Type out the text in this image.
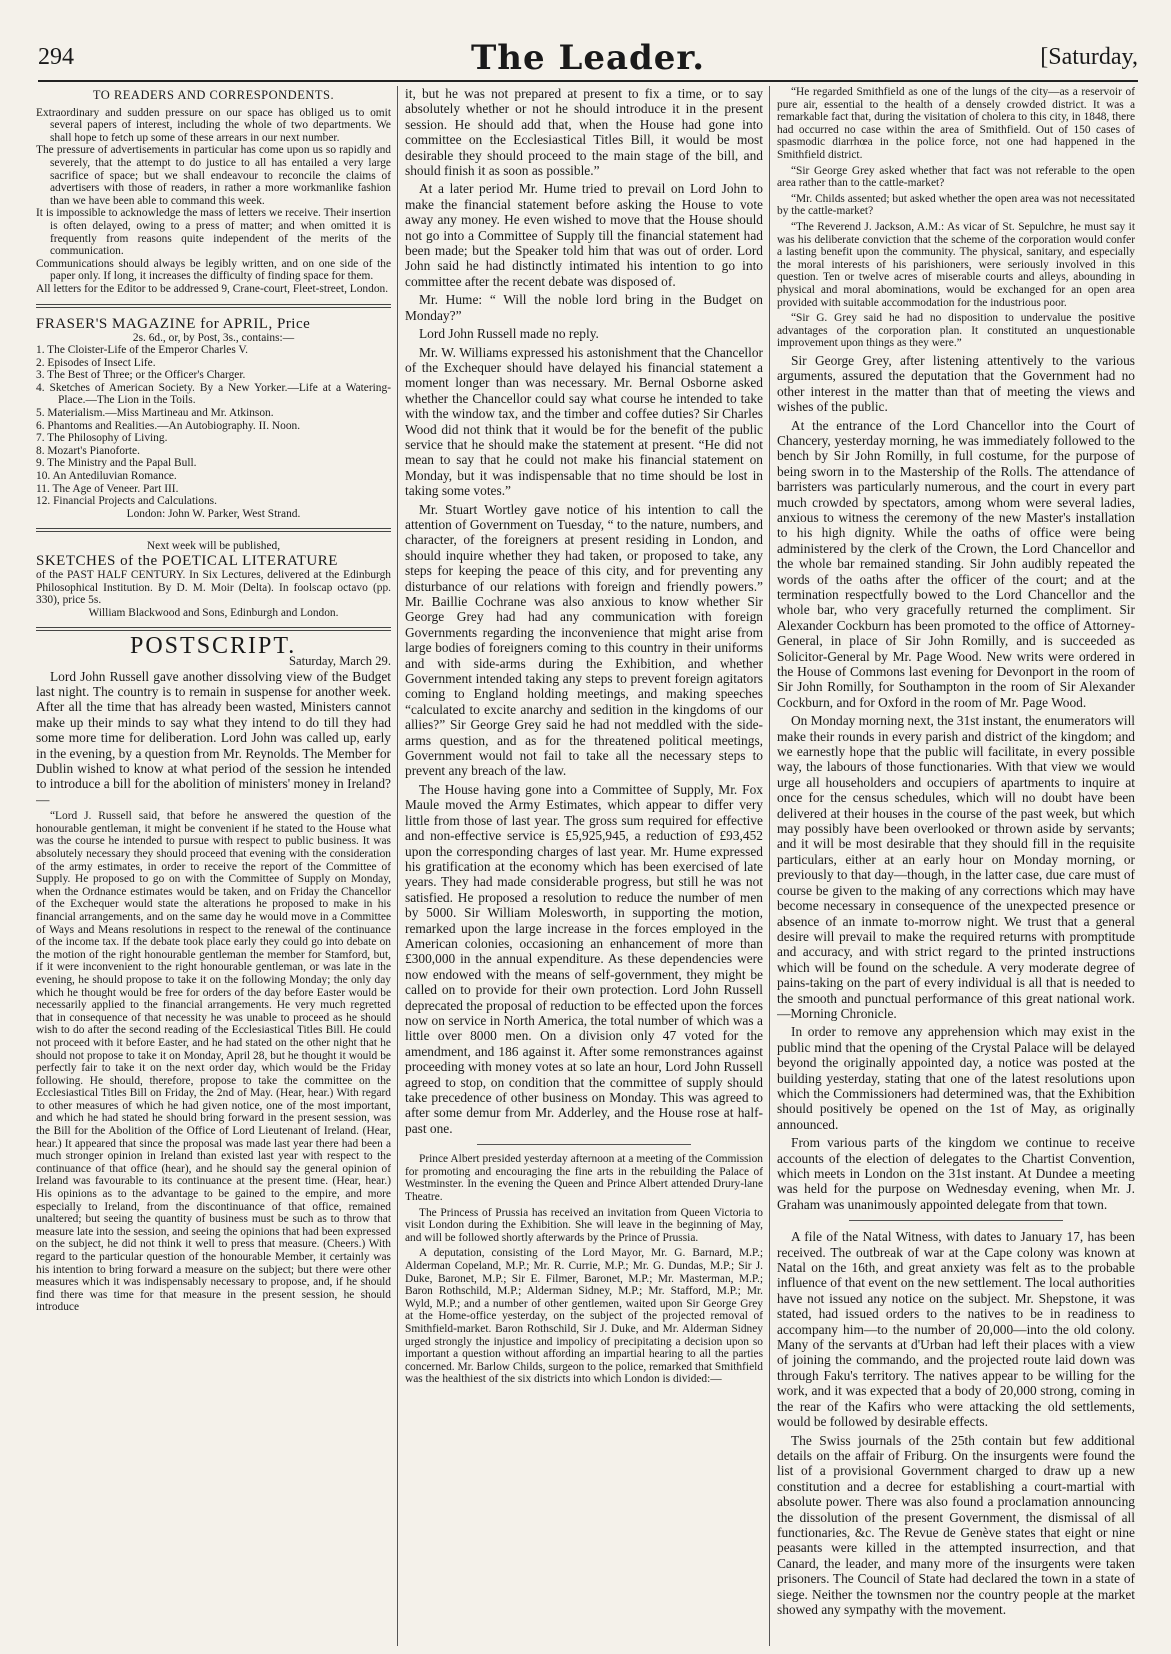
294	The Leader.	[Saturday,
TO READERS AND CORRESPONDENTS.

Extraordinary and sudden pressure on our space has obliged us to omit several papers of interest, including the whole of two departments. We shall hope to fetch up some of these arrears in our next number.

The pressure of advertisements in particular has come upon us so rapidly and severely, that the attempt to do justice to all has entailed a very large sacrifice of space; but we shall endeavour to reconcile the claims of advertisers with those of readers, in rather a more workmanlike fashion than we have been able to command this week.

It is impossible to acknowledge the mass of letters we receive. Their insertion is often delayed, owing to a press of matter; and when omitted it is frequently from reasons quite independent of the merits of the communication.

Communications should always be legibly written, and on one side of the paper only. If long, it increases the difficulty of finding space for them.

All letters for the Editor to be addressed 9, Crane-court, Fleet-street, London.

FRASER'S MAGAZINE for APRIL, Price
2s. 6d., or, by Post, 3s., contains:—

1. The Cloister-Life of the Emperor Charles V.

2. Episodes of Insect Life.

3. The Best of Three; or the Officer's Charger.

4. Sketches of American Society. By a New Yorker.—Life at a Watering-Place.—The Lion in the Toils.

5. Materialism.—Miss Martineau and Mr. Atkinson.

6. Phantoms and Realities.—An Autobiography. II. Noon.

7. The Philosophy of Living.

8. Mozart's Pianoforte.

9. The Ministry and the Papal Bull.

10. An Antediluvian Romance.

11. The Age of Veneer. Part III.

12. Financial Projects and Calculations.

London: John W. Parker, West Strand.
Next week will be published,
SKETCHES of the POETICAL LITERATURE
of the PAST HALF CENTURY. In Six Lectures, delivered at the Edinburgh Philosophical Institution. By D. M. Moir (Delta). In foolscap octavo (pp. 330), price 5s.
William Blackwood and Sons, Edinburgh and London.
POSTSCRIPT.
Saturday, March 29.

Lord John Russell gave another dissolving view of the Budget last night. The country is to remain in suspense for another week. After all the time that has already been wasted, Ministers cannot make up their minds to say what they intend to do till they had some more time for deliberation. Lord John was called up, early in the evening, by a question from Mr. Reynolds. The Member for Dublin wished to know at what period of the session he intended to introduce a bill for the abolition of ministers' money in Ireland?—

“Lord J. Russell said, that before he answered the question of the honourable gentleman, it might be convenient if he stated to the House what was the course he intended to pursue with respect to public business. It was absolutely necessary they should proceed that evening with the consideration of the army estimates, in order to receive the report of the Committee of Supply. He proposed to go on with the Committee of Supply on Monday, when the Ordnance estimates would be taken, and on Friday the Chancellor of the Exchequer would state the alterations he proposed to make in his financial arrangements, and on the same day he would move in a Committee of Ways and Means resolutions in respect to the renewal of the continuance of the income tax. If the debate took place early they could go into debate on the motion of the right honourable gentleman the member for Stamford, but, if it were inconvenient to the right honourable gentleman, or was late in the evening, he should propose to take it on the following Monday; the only day which he thought would be free for orders of the day before Easter would be necessarily applied to the financial arrangements. He very much regretted that in consequence of that necessity he was unable to proceed as he should wish to do after the second reading of the Ecclesiastical Titles Bill. He could not proceed with it before Easter, and he had stated on the other night that he should not propose to take it on Monday, April 28, but he thought it would be perfectly fair to take it on the next order day, which would be the Friday following. He should, therefore, propose to take the committee on the Ecclesiastical Titles Bill on Friday, the 2nd of May. (Hear, hear.) With regard to other measures of which he had given notice, one of the most important, and which he had stated he should bring forward in the present session, was the Bill for the Abolition of the Office of Lord Lieutenant of Ireland. (Hear, hear.) It appeared that since the proposal was made last year there had been a much stronger opinion in Ireland than existed last year with respect to the continuance of that office (hear), and he should say the general opinion of Ireland was favourable to its continuance at the present time. (Hear, hear.) His opinions as to the advantage to be gained to the empire, and more especially to Ireland, from the discontinuance of that office, remained unaltered; but seeing the quantity of business must be such as to throw that measure late into the session, and seeing the opinions that had been expressed on the subject, he did not think it well to press that measure. (Cheers.) With regard to the particular question of the honourable Member, it certainly was his intention to bring forward a measure on the subject; but there were other measures which it was indispensably necessary to propose, and, if he should find there was time for that measure in the present session, he should introduce

it, but he was not prepared at present to fix a time, or to say absolutely whether or not he should introduce it in the present session. He should add that, when the House had gone into committee on the Ecclesiastical Titles Bill, it would be most desirable they should proceed to the main stage of the bill, and should finish it as soon as possible.”

At a later period Mr. Hume tried to prevail on Lord John to make the financial statement before asking the House to vote away any money. He even wished to move that the House should not go into a Committee of Supply till the financial statement had been made; but the Speaker told him that was out of order. Lord John said he had distinctly intimated his intention to go into committee after the recent debate was disposed of.

Mr. Hume: “ Will the noble lord bring in the Budget on Monday?”

Lord John Russell made no reply.

Mr. W. Williams expressed his astonishment that the Chancellor of the Exchequer should have delayed his financial statement a moment longer than was necessary. Mr. Bernal Osborne asked whether the Chancellor could say what course he intended to take with the window tax, and the timber and coffee duties? Sir Charles Wood did not think that it would be for the benefit of the public service that he should make the statement at present. “He did not mean to say that he could not make his financial statement on Monday, but it was indispensable that no time should be lost in taking some votes.”

Mr. Stuart Wortley gave notice of his intention to call the attention of Government on Tuesday, “ to the nature, numbers, and character, of the foreigners at present residing in London, and should inquire whether they had taken, or proposed to take, any steps for keeping the peace of this city, and for preventing any disturbance of our relations with foreign and friendly powers.” Mr. Baillie Cochrane was also anxious to know whether Sir George Grey had had any communication with foreign Governments regarding the inconvenience that might arise from large bodies of foreigners coming to this country in their uniforms and with side-arms during the Exhibition, and whether Government intended taking any steps to prevent foreign agitators coming to England holding meetings, and making speeches “calculated to excite anarchy and sedition in the kingdoms of our allies?” Sir George Grey said he had not meddled with the side-arms question, and as for the threatened political meetings, Government would not fail to take all the necessary steps to prevent any breach of the law.

The House having gone into a Committee of Supply, Mr. Fox Maule moved the Army Estimates, which appear to differ very little from those of last year. The gross sum required for effective and non-effective service is £5,925,945, a reduction of £93,452 upon the corresponding charges of last year. Mr. Hume expressed his gratification at the economy which has been exercised of late years. They had made considerable progress, but still he was not satisfied. He proposed a resolution to reduce the number of men by 5000. Sir William Molesworth, in supporting the motion, remarked upon the large increase in the forces employed in the American colonies, occasioning an enhancement of more than £300,000 in the annual expenditure. As these dependencies were now endowed with the means of self-government, they might be called on to provide for their own protection. Lord John Russell deprecated the proposal of reduction to be effected upon the forces now on service in North America, the total number of which was a little over 8000 men. On a division only 47 voted for the amendment, and 186 against it. After some remonstrances against proceeding with money votes at so late an hour, Lord John Russell agreed to stop, on condition that the committee of supply should take precedence of other business on Monday. This was agreed to after some demur from Mr. Adderley, and the House rose at half-past one.

Prince Albert presided yesterday afternoon at a meeting of the Commission for promoting and encouraging the fine arts in the rebuilding the Palace of Westminster. In the evening the Queen and Prince Albert attended Drury-lane Theatre.

The Princess of Prussia has received an invitation from Queen Victoria to visit London during the Exhibition. She will leave in the beginning of May, and will be followed shortly afterwards by the Prince of Prussia.

A deputation, consisting of the Lord Mayor, Mr. G. Barnard, M.P.; Alderman Copeland, M.P.; Mr. R. Currie, M.P.; Mr. G. Dundas, M.P.; Sir J. Duke, Baronet, M.P.; Sir E. Filmer, Baronet, M.P.; Mr. Masterman, M.P.; Baron Rothschild, M.P.; Alderman Sidney, M.P.; Mr. Stafford, M.P.; Mr. Wyld, M.P.; and a number of other gentlemen, waited upon Sir George Grey at the Home-office yesterday, on the subject of the projected removal of Smithfield-market. Baron Rothschild, Sir J. Duke, and Mr. Alderman Sidney urged strongly the injustice and impolicy of precipitating a decision upon so important a question without affording an impartial hearing to all the parties concerned. Mr. Barlow Childs, surgeon to the police, remarked that Smithfield was the healthiest of the six districts into which London is divided:—

“He regarded Smithfield as one of the lungs of the city—as a reservoir of pure air, essential to the health of a densely crowded district. It was a remarkable fact that, during the visitation of cholera to this city, in 1848, there had occurred no case within the area of Smithfield. Out of 150 cases of spasmodic diarrhœa in the police force, not one had happened in the Smithfield district.

“Sir George Grey asked whether that fact was not referable to the open area rather than to the cattle-market?

“Mr. Childs assented; but asked whether the open area was not necessitated by the cattle-market?

“The Reverend J. Jackson, A.M.: As vicar of St. Sepulchre, he must say it was his deliberate conviction that the scheme of the corporation would confer a lasting benefit upon the community. The physical, sanitary, and especially the moral interests of his parishioners, were seriously involved in this question. Ten or twelve acres of miserable courts and alleys, abounding in physical and moral abominations, would be exchanged for an open area provided with suitable accommodation for the industrious poor.

“Sir G. Grey said he had no disposition to undervalue the positive advantages of the corporation plan. It constituted an unquestionable improvement upon things as they were.”

Sir George Grey, after listening attentively to the various arguments, assured the deputation that the Government had no other interest in the matter than that of meeting the views and wishes of the public.

At the entrance of the Lord Chancellor into the Court of Chancery, yesterday morning, he was immediately followed to the bench by Sir John Romilly, in full costume, for the purpose of being sworn in to the Mastership of the Rolls. The attendance of barristers was particularly numerous, and the court in every part much crowded by spectators, among whom were several ladies, anxious to witness the ceremony of the new Master's installation to his high dignity. While the oaths of office were being administered by the clerk of the Crown, the Lord Chancellor and the whole bar remained standing. Sir John audibly repeated the words of the oaths after the officer of the court; and at the termination respectfully bowed to the Lord Chancellor and the whole bar, who very gracefully returned the compliment. Sir Alexander Cockburn has been promoted to the office of Attorney-General, in place of Sir John Romilly, and is succeeded as Solicitor-General by Mr. Page Wood. New writs were ordered in the House of Commons last evening for Devonport in the room of Sir John Romilly, for Southampton in the room of Sir Alexander Cockburn, and for Oxford in the room of Mr. Page Wood.

On Monday morning next, the 31st instant, the enumerators will make their rounds in every parish and district of the kingdom; and we earnestly hope that the public will facilitate, in every possible way, the labours of those functionaries. With that view we would urge all householders and occupiers of apartments to inquire at once for the census schedules, which will no doubt have been delivered at their houses in the course of the past week, but which may possibly have been overlooked or thrown aside by servants; and it will be most desirable that they should fill in the requisite particulars, either at an early hour on Monday morning, or previously to that day—though, in the latter case, due care must of course be given to the making of any corrections which may have become necessary in consequence of the unexpected presence or absence of an inmate to-morrow night. We trust that a general desire will prevail to make the required returns with promptitude and accuracy, and with strict regard to the printed instructions which will be found on the schedule. A very moderate degree of pains-taking on the part of every individual is all that is needed to the smooth and punctual performance of this great national work.—Morning Chronicle.

In order to remove any apprehension which may exist in the public mind that the opening of the Crystal Palace will be delayed beyond the originally appointed day, a notice was posted at the building yesterday, stating that one of the latest resolutions upon which the Commissioners had determined was, that the Exhibition should positively be opened on the 1st of May, as originally announced.

From various parts of the kingdom we continue to receive accounts of the election of delegates to the Chartist Convention, which meets in London on the 31st instant. At Dundee a meeting was held for the purpose on Wednesday evening, when Mr. J. Graham was unanimously appointed delegate from that town.

A file of the Natal Witness, with dates to January 17, has been received. The outbreak of war at the Cape colony was known at Natal on the 16th, and great anxiety was felt as to the probable influence of that event on the new settlement. The local authorities have not issued any notice on the subject. Mr. Shepstone, it was stated, had issued orders to the natives to be in readiness to accompany him—to the number of 20,000—into the old colony. Many of the servants at d'Urban had left their places with a view of joining the commando, and the projected route laid down was through Faku's territory. The natives appear to be willing for the work, and it was expected that a body of 20,000 strong, coming in the rear of the Kafirs who were attacking the old settlements, would be followed by desirable effects.

The Swiss journals of the 25th contain but few additional details on the affair of Friburg. On the insurgents were found the list of a provisional Government charged to draw up a new constitution and a decree for establishing a court-martial with absolute power. There was also found a proclamation announcing the dissolution of the present Government, the dismissal of all functionaries, &c. The Revue de Genève states that eight or nine peasants were killed in the attempted insurrection, and that Canard, the leader, and many more of the insurgents were taken prisoners. The Council of State had declared the town in a state of siege. Neither the townsmen nor the country people at the market showed any sympathy with the movement.
